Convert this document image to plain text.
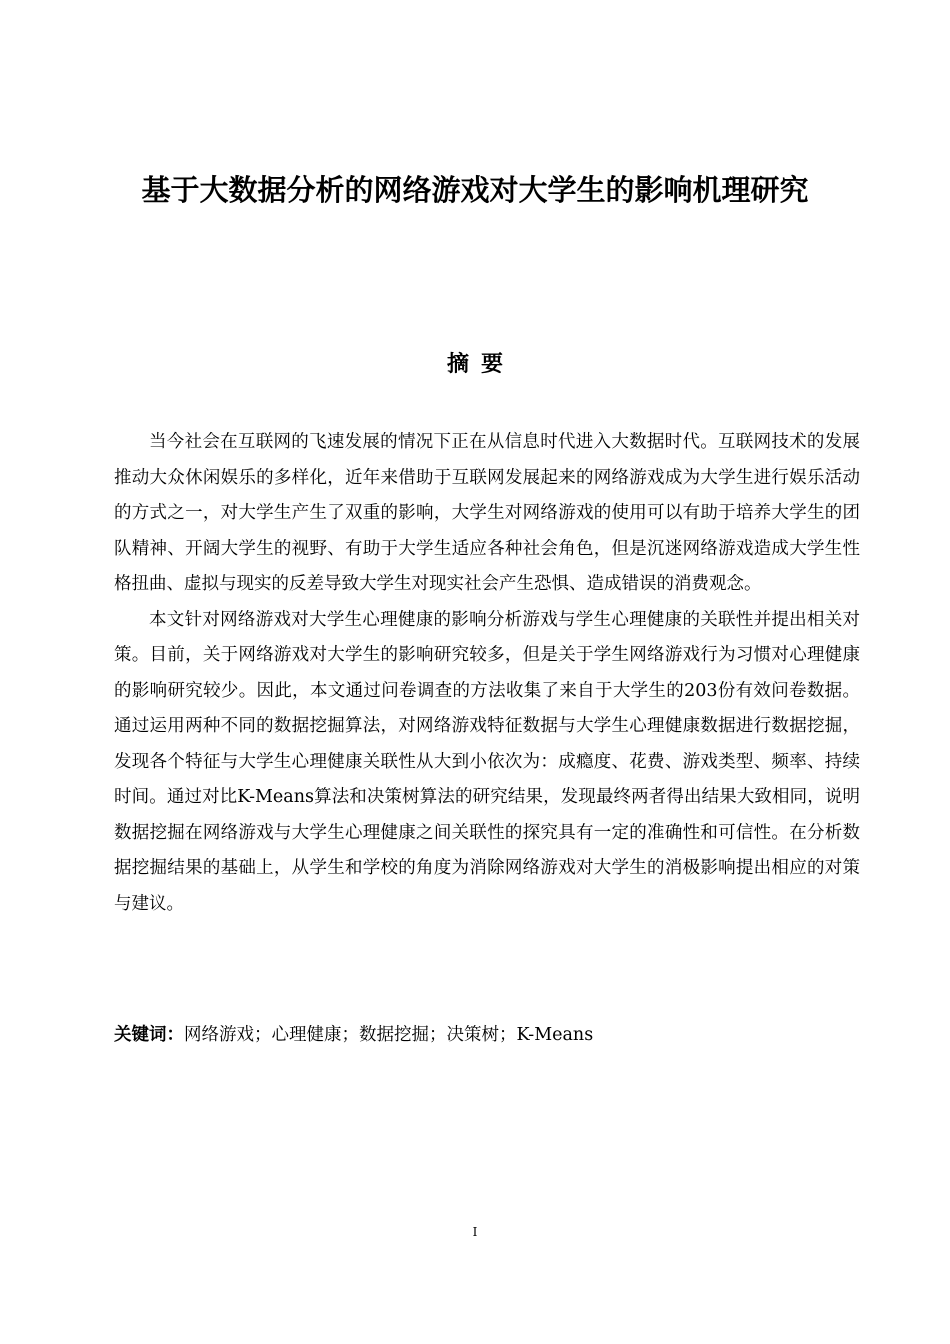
基于大数据分析的网络游戏对大学生的影响机理研究
摘要

当今社会在互联网的飞速发展的情况下正在从信息时代进入大数据时代。互联网技术的发展推动大众休闲娱乐的多样化，近年来借助于互联网发展起来的网络游戏成为大学生进行娱乐活动的方式之一，对大学生产生了双重的影响，大学生对网络游戏的使用可以有助于培养大学生的团队精神、开阔大学生的视野、有助于大学生适应各种社会角色，但是沉迷网络游戏造成大学生性格扭曲、虚拟与现实的反差导致大学生对现实社会产生恐惧、造成错误的消费观念。

本文针对网络游戏对大学生心理健康的影响分析游戏与学生心理健康的关联性并提出相关对策。目前，关于网络游戏对大学生的影响研究较多，但是关于学生网络游戏行为习惯对心理健康的影响研究较少。因此，本文通过问卷调查的方法收集了来自于大学生的203份有效问卷数据。通过运用两种不同的数据挖掘算法，对网络游戏特征数据与大学生心理健康数据进行数据挖掘，发现各个特征与大学生心理健康关联性从大到小依次为：成瘾度、花费、游戏类型、频率、持续时间。通过对比K-Means算法和决策树算法的研究结果，发现最终两者得出结果大致相同，说明数据挖掘在网络游戏与大学生心理健康之间关联性的探究具有一定的准确性和可信性。在分析数据挖掘结果的基础上，从学生和学校的角度为消除网络游戏对大学生的消极影响提出相应的对策与建议。

关键词：网络游戏；心理健康；数据挖掘；决策树；K-Means

I
